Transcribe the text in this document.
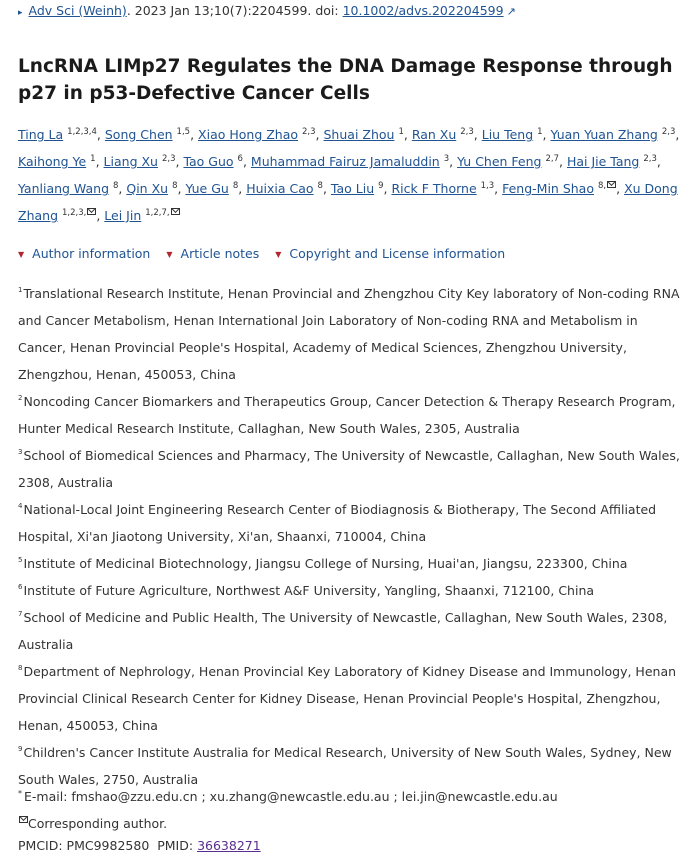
▸ Adv Sci (Weinh). 2023 Jan 13;10(7):2204599. doi: 10.1002/advs.202204599 ↗
LncRNA LIMp27 Regulates the DNA Damage Response through p27 in p53-Defective Cancer Cells
Ting La $^{1,2,3,4}$, Song Chen $^{1,5}$, Xiao Hong Zhao $^{2,3}$, Shuai Zhou $^1$, Ran Xu $^{2,3}$, Liu Teng $^1$, Yuan Yuan Zhang $^{2,3}$, Kaihong Ye $^1$, Liang Xu $^{2,3}$, Tao Guo $^6$, Muhammad Fairuz Jamaluddin $^3$, Yu Chen Feng $^{2,7}$, Hai Jie Tang $^{2,3}$, Yanliang Wang $^8$, Qin Xu $^8$, Yue Gu $^8$, Huixia Cao $^8$, Tao Liu $^9$, Rick F Thorne $^{1,3}$, Feng-Min Shao $^{8,}$ , Xu Dong Zhang $^{1,2,3,}$ , Lei Jin $^{1,2,7,}$
▼ Author information ▼ Article notes ▼ Copyright and License information

$^1$Translational Research Institute, Henan Provincial and Zhengzhou City Key laboratory of Non-coding RNA and Cancer Metabolism, Henan International Join Laboratory of Non-coding RNA and Metabolism in Cancer, Henan Provincial People's Hospital, Academy of Medical Sciences, Zhengzhou University, Zhengzhou, Henan, 450053, China

$^2$Noncoding Cancer Biomarkers and Therapeutics Group, Cancer Detection & Therapy Research Program, Hunter Medical Research Institute, Callaghan, New South Wales, 2305, Australia

$^3$School of Biomedical Sciences and Pharmacy, The University of Newcastle, Callaghan, New South Wales, 2308, Australia

$^4$National-Local Joint Engineering Research Center of Biodiagnosis & Biotherapy, The Second Affiliated Hospital, Xi'an Jiaotong University, Xi'an, Shaanxi, 710004, China

$^5$Institute of Medicinal Biotechnology, Jiangsu College of Nursing, Huai'an, Jiangsu, 223300, China

$^6$Institute of Future Agriculture, Northwest A&F University, Yangling, Shaanxi, 712100, China

$^7$School of Medicine and Public Health, The University of Newcastle, Callaghan, New South Wales, 2308, Australia

$^8$Department of Nephrology, Henan Provincial Key Laboratory of Kidney Disease and Immunology, Henan Provincial Clinical Research Center for Kidney Disease, Henan Provincial People's Hospital, Zhengzhou, Henan, 450053, China

$^9$Children's Cancer Institute Australia for Medical Research, University of New South Wales, Sydney, New South Wales, 2750, Australia

* E-mail: fmshao@zzu.edu.cn ; xu.zhang@newcastle.edu.au ; lei.jin@newcastle.edu.au
Corresponding author.
PMCID: PMC9982580 PMID: 36638271
